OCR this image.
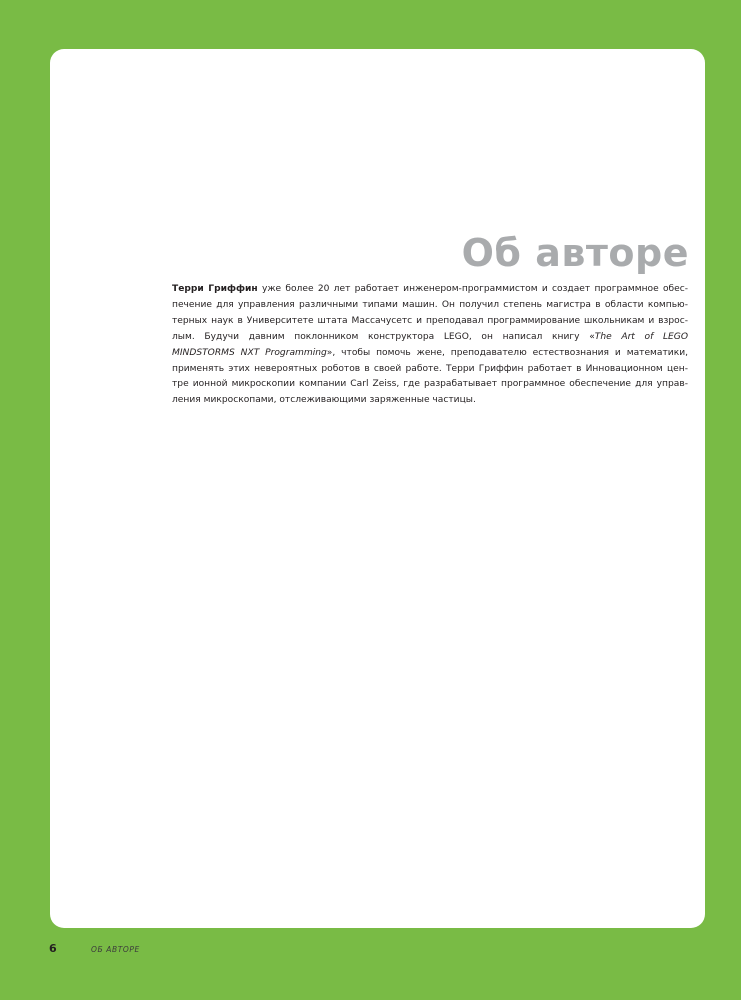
Об авторе

Терри Гриффин уже более 20 лет работает инженером-программистом и создает программное обес-
печение для управления различными типами машин. Он получил степень магистра в области компью-
терных наук в Университете штата Массачусетс и преподавал программирование школьникам и взрос-
лым. Будучи давним поклонником конструктора LEGO, он написал книгу «The Art of LEGO
MINDSTORMS NXT Programming», чтобы помочь жене, преподавателю естествознания и математики,
применять этих невероятных роботов в своей работе. Терри Гриффин работает в Инновационном цен-
тре ионной микроскопии компании Carl Zeiss, где разрабатывает программное обеспечение для управ-
ления микроскопами, отслеживающими заряженные частицы.

6	ОБ АВТОРЕ
